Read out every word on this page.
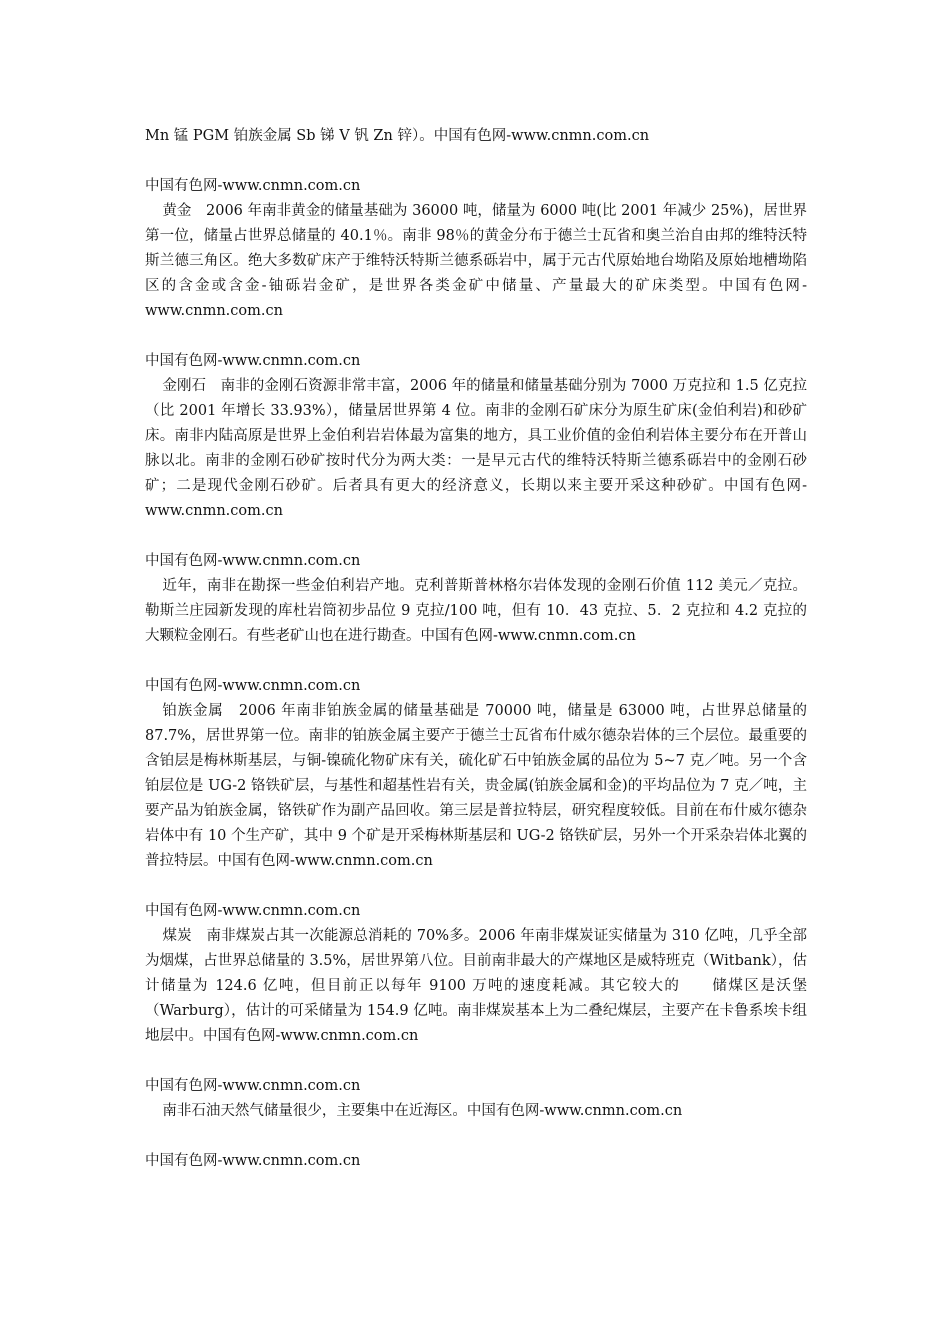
Mn 锰 PGM 铂族金属 Sb 锑 V 钒 Zn 锌）。中国有色网-www.cnmn.com.cn
中国有色网-www.cnmn.com.cn
黄金　2006 年南非黄金的储量基础为 36000 吨，储量为 6000 吨(比 2001 年减少 25%)，居世界第一位，储量占世界总储量的 40.1％。南非 98％的黄金分布于德兰士瓦省和奥兰治自由邦的维特沃特斯兰德三角区。绝大多数矿床产于维特沃特斯兰德系砾岩中，属于元古代原始地台坳陷及原始地槽坳陷区的含金或含金-铀砾岩金矿，是世界各类金矿中储量、产量最大的矿床类型。中国有色网-www.cnmn.com.cn
中国有色网-www.cnmn.com.cn
金刚石　南非的金刚石资源非常丰富，2006 年的储量和储量基础分别为 7000 万克拉和 1.5 亿克拉（比 2001 年增长 33.93%），储量居世界第 4 位。南非的金刚石矿床分为原生矿床(金伯利岩)和砂矿床。南非内陆高原是世界上金伯利岩岩体最为富集的地方，具工业价值的金伯利岩体主要分布在开普山脉以北。南非的金刚石砂矿按时代分为两大类：一是早元古代的维特沃特斯兰德系砾岩中的金刚石砂矿；二是现代金刚石砂矿。后者具有更大的经济意义，长期以来主要开采这种砂矿。中国有色网-www.cnmn.com.cn
中国有色网-www.cnmn.com.cn
近年，南非在勘探一些金伯利岩产地。克利普斯普林格尔岩体发现的金刚石价值 112 美元／克拉。勒斯兰庄园新发现的库杜岩筒初步品位 9 克拉/100 吨，但有 10．43 克拉、5．2 克拉和 4.2 克拉的大颗粒金刚石。有些老矿山也在进行勘查。中国有色网-www.cnmn.com.cn
中国有色网-www.cnmn.com.cn
铂族金属　2006 年南非铂族金属的储量基础是 70000 吨，储量是 63000 吨，占世界总储量的 87.7%，居世界第一位。南非的铂族金属主要产于德兰士瓦省布什威尔德杂岩体的三个层位。最重要的含铂层是梅林斯基层，与铜-镍硫化物矿床有关，硫化矿石中铂族金属的品位为 5~7 克／吨。另一个含铂层位是 UG-2 铬铁矿层，与基性和超基性岩有关，贵金属(铂族金属和金)的平均品位为 7 克／吨，主要产品为铂族金属，铬铁矿作为副产品回收。第三层是普拉特层，研究程度较低。目前在布什威尔德杂岩体中有 10 个生产矿，其中 9 个矿是开采梅林斯基层和 UG-2 铬铁矿层，另外一个开采杂岩体北翼的普拉特层。中国有色网-www.cnmn.com.cn
中国有色网-www.cnmn.com.cn
煤炭　南非煤炭占其一次能源总消耗的 70%多。2006 年南非煤炭证实储量为 310 亿吨，几乎全部为烟煤，占世界总储量的 3.5%，居世界第八位。目前南非最大的产煤地区是威特班克（Witbank），估计储量为 124.6 亿吨，但目前正以每年 9100 万吨的速度耗减。其它较大的　　储煤区是沃堡（Warburg），估计的可采储量为 154.9 亿吨。南非煤炭基本上为二叠纪煤层，主要产在卡鲁系埃卡组地层中。中国有色网-www.cnmn.com.cn
中国有色网-www.cnmn.com.cn
南非石油天然气储量很少，主要集中在近海区。中国有色网-www.cnmn.com.cn
中国有色网-www.cnmn.com.cn
